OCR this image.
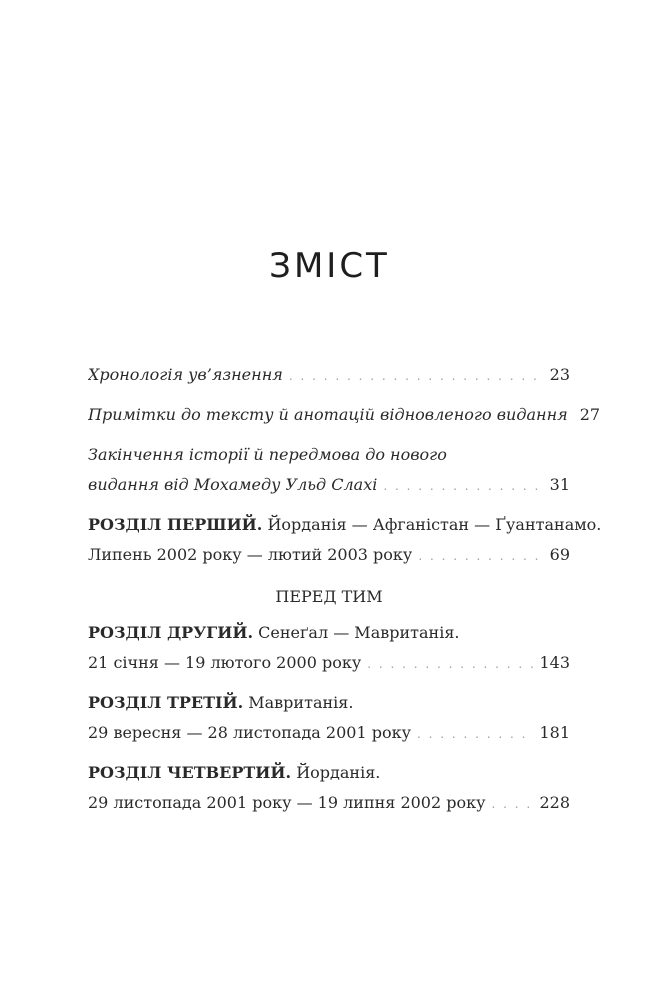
ЗМІСТ
Хронологія ув’язнення . . .	23
Примітки до тексту й анотацій відновленого видання 27
Закінчення історії й передмова до нового
видання від Мохамеду Ульд Слахі . . .	31
РОЗДІЛ ПЕРШИЙ. Йорданія — Афганістан — Ґуантанамо.
Липень 2002 року — лютий 2003 року . . .	69
ПЕРЕД ТИМ
РОЗДІЛ ДРУГИЙ. Сенеґал — Мавританія.
21 січня — 19 лютого 2000 року . . .	143
РОЗДІЛ ТРЕТІЙ. Мавританія.
29 вересня — 28 листопада 2001 року . . .	181
РОЗДІЛ ЧЕТВЕРТИЙ. Йорданія.
29 листопада 2001 року — 19 липня 2002 року . . .	228
